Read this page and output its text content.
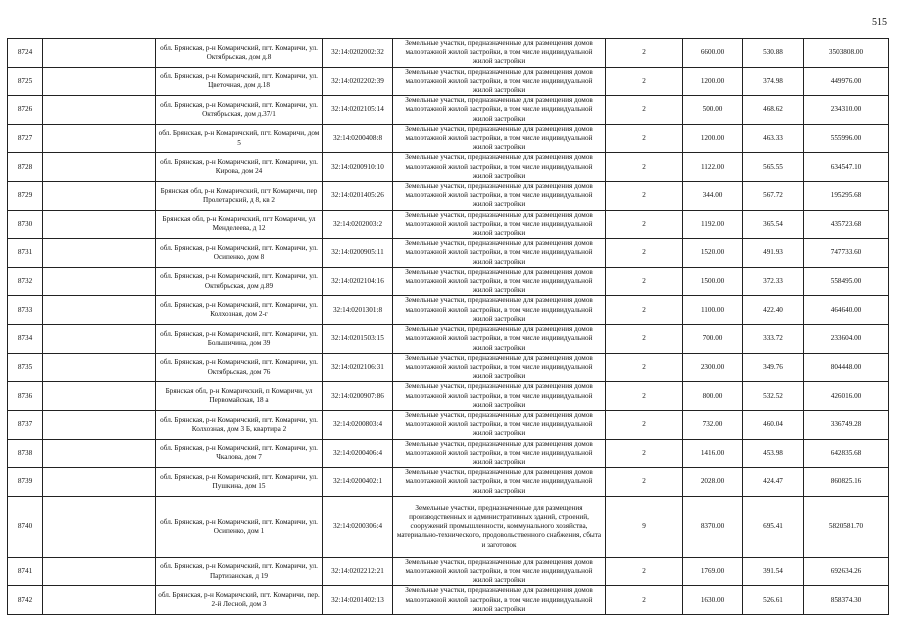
515
8724		обл. Брянская, р-н Комаричский, пгт. Комаричи, ул. Октябрьская, дом д.8	32:14:0202002:32	Земельные участки, предназначенные для размещения домов малоэтажной жилой застройки, в том числе индивидуальной жилой застройки	2	6600.00	530.88	3503808.00
8725		обл. Брянская, р-н Комаричский, пгт. Комаричи, ул. Цветочная, дом д.18	32:14:0202202:39	Земельные участки, предназначенные для размещения домов малоэтажной жилой застройки, в том числе индивидуальной жилой застройки	2	1200.00	374.98	449976.00
8726		обл. Брянская, р-н Комаричский, пгт. Комаричи, ул. Октябрьская, дом д.37/1	32:14:0202105:14	Земельные участки, предназначенные для размещения домов малоэтажной жилой застройки, в том числе индивидуальной жилой застройки	2	500.00	468.62	234310.00
8727		обл. Брянская, р-н Комаричский, пгт. Комаричи, дом 5	32:14:0200408:8	Земельные участки, предназначенные для размещения домов малоэтажной жилой застройки, в том числе индивидуальной жилой застройки	2	1200.00	463.33	555996.00
8728		обл. Брянская, р-н Комаричский, пгт. Комаричи, ул. Кирова, дом 24	32:14:0200910:10	Земельные участки, предназначенные для размещения домов малоэтажной жилой застройки, в том числе индивидуальной жилой застройки	2	1122.00	565.55	634547.10
8729		Брянская обл, р-н Комаричский, пгт Комаричи, пер Пролетарский, д 8, кв 2	32:14:0201405:26	Земельные участки, предназначенные для размещения домов малоэтажной жилой застройки, в том числе индивидуальной жилой застройки	2	344.00	567.72	195295.68
8730		Брянская обл, р-н Комаричский, пгт Комаричи, ул Менделеева, д 12	32:14:0202003:2	Земельные участки, предназначенные для размещения домов малоэтажной жилой застройки, в том числе индивидуальной жилой застройки	2	1192.00	365.54	435723.68
8731		обл. Брянская, р-н Комаричский, пгт. Комаричи, ул. Осипенко, дом 8	32:14:0200905:11	Земельные участки, предназначенные для размещения домов малоэтажной жилой застройки, в том числе индивидуальной жилой застройки	2	1520.00	491.93	747733.60
8732		обл. Брянская, р-н Комаричский, пгт. Комаричи, ул. Октябрьская, дом д.89	32:14:0202104:16	Земельные участки, предназначенные для размещения домов малоэтажной жилой застройки, в том числе индивидуальной жилой застройки	2	1500.00	372.33	558495.00
8733		обл. Брянская, р-н Комаричский, пгт. Комаричи, ул. Колхозная, дом 2-г	32:14:0201301:8	Земельные участки, предназначенные для размещения домов малоэтажной жилой застройки, в том числе индивидуальной жилой застройки	2	1100.00	422.40	464640.00
8734		обл. Брянская, р-н Комаричский, пгт. Комаричи, ул. Большичина, дом 39	32:14:0201503:15	Земельные участки, предназначенные для размещения домов малоэтажной жилой застройки, в том числе индивидуальной жилой застройки	2	700.00	333.72	233604.00
8735		обл. Брянская, р-н Комаричский, пгт. Комаричи, ул. Октябрьская, дом 76	32:14:0202106:31	Земельные участки, предназначенные для размещения домов малоэтажной жилой застройки, в том числе индивидуальной жилой застройки	2	2300.00	349.76	804448.00
8736		Брянская обл, р-н Комаричский, п Комаричи, ул Первомайская, 18 а	32:14:0200907:86	Земельные участки, предназначенные для размещения домов малоэтажной жилой застройки, в том числе индивидуальной жилой застройки	2	800.00	532.52	426016.00
8737		обл. Брянская, р-н Комаричский, пгт. Комаричи, ул. Колхозная, дом 3 Б, квартира 2	32:14:0200803:4	Земельные участки, предназначенные для размещения домов малоэтажной жилой застройки, в том числе индивидуальной жилой застройки	2	732.00	460.04	336749.28
8738		обл. Брянская, р-н Комаричский, пгт. Комаричи, ул. Чкалова, дом 7	32:14:0200406:4	Земельные участки, предназначенные для размещения домов малоэтажной жилой застройки, в том числе индивидуальной жилой застройки	2	1416.00	453.98	642835.68
8739		обл. Брянская, р-н Комаричский, пгт. Комаричи, ул. Пушкина, дом 15	32:14:0200402:1	Земельные участки, предназначенные для размещения домов малоэтажной жилой застройки, в том числе индивидуальной жилой застройки	2	2028.00	424.47	860825.16
8740		обл. Брянская, р-н Комаричский, пгт. Комаричи, ул. Осипенко, дом 1	32:14:0200306:4	Земельные участки, предназначенные для размещения производственных и административных зданий, строений, сооружений промышленности, коммунального хозяйства, материально-технического, продовольственного снабжения, сбыта и заготовок	9	8370.00	695.41	5820581.70
8741		обл. Брянская, р-н Комаричский, пгт. Комаричи, ул. Партизанская, д 19	32:14:0202212:21	Земельные участки, предназначенные для размещения домов малоэтажной жилой застройки, в том числе индивидуальной жилой застройки	2	1769.00	391.54	692634.26
8742		обл. Брянская, р-н Комаричский, пгт. Комаричи, пер. 2-й Лесной, дом 3	32:14:0201402:13	Земельные участки, предназначенные для размещения домов малоэтажной жилой застройки, в том числе индивидуальной жилой застройки	2	1630.00	526.61	858374.30
